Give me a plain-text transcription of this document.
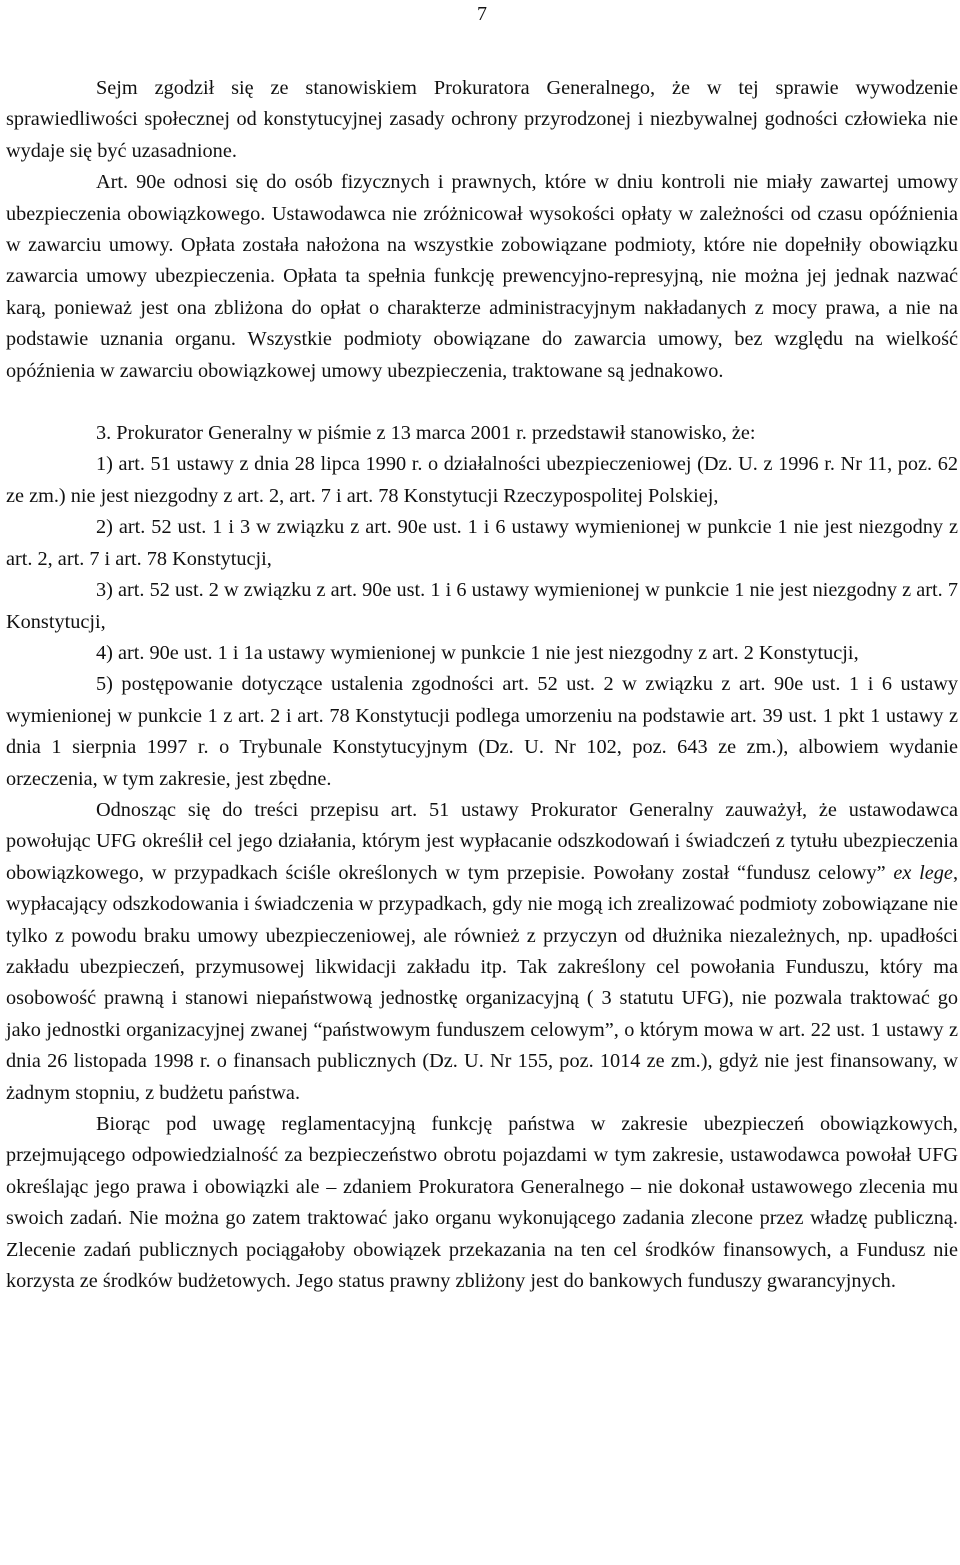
7

Sejm zgodził się ze stanowiskiem Prokuratora Generalnego, że w tej sprawie wywodzenie sprawiedliwości społecznej od konstytucyjnej zasady ochrony przyrodzonej i niezbywalnej godności człowieka nie wydaje się być uzasadnione.

Art. 90e odnosi się do osób fizycznych i prawnych, które w dniu kontroli nie miały zawartej umowy ubezpieczenia obowiązkowego. Ustawodawca nie zróżnicował wysokości opłaty w zależności od czasu opóźnienia w zawarciu umowy. Opłata została nałożona na wszystkie zobowiązane podmioty, które nie dopełniły obowiązku zawarcia umowy ubezpieczenia. Opłata ta spełnia funkcję prewencyjno-represyjną, nie można jej jednak nazwać karą, ponieważ jest ona zbliżona do opłat o charakterze administracyjnym nakładanych z mocy prawa, a nie na podstawie uznania organu. Wszystkie podmioty obowiązane do zawarcia umowy, bez względu na wielkość opóźnienia w zawarciu obowiązkowej umowy ubezpieczenia, traktowane są jednakowo.

3. Prokurator Generalny w piśmie z 13 marca 2001 r. przedstawił stanowisko, że:

1) art. 51 ustawy z dnia 28 lipca 1990 r. o działalności ubezpieczeniowej (Dz. U. z 1996 r. Nr 11, poz. 62 ze zm.) nie jest niezgodny z art. 2, art. 7 i art. 78 Konstytucji Rzeczypospolitej Polskiej,

2) art. 52 ust. 1 i 3 w związku z art. 90e ust. 1 i 6 ustawy wymienionej w punkcie 1 nie jest niezgodny z art. 2, art. 7 i art. 78 Konstytucji,

3) art. 52 ust. 2 w związku z art. 90e ust. 1 i 6 ustawy wymienionej w punkcie 1 nie jest niezgodny z art. 7 Konstytucji,

4) art. 90e ust. 1 i 1a ustawy wymienionej w punkcie 1 nie jest niezgodny z art. 2 Konstytucji,

5) postępowanie dotyczące ustalenia zgodności art. 52 ust. 2 w związku z art. 90e ust. 1 i 6 ustawy wymienionej w punkcie 1 z art. 2 i art. 78 Konstytucji podlega umorzeniu na podstawie art. 39 ust. 1 pkt 1 ustawy z dnia 1 sierpnia 1997 r. o Trybunale Konstytucyjnym (Dz. U. Nr 102, poz. 643 ze zm.), albowiem wydanie orzeczenia, w tym zakresie, jest zbędne.

Odnosząc się do treści przepisu art. 51 ustawy Prokurator Generalny zauważył, że ustawodawca powołując UFG określił cel jego działania, którym jest wypłacanie odszkodowań i świadczeń z tytułu ubezpieczenia obowiązkowego, w przypadkach ściśle określonych w tym przepisie. Powołany został “fundusz celowy” ex lege, wypłacający odszkodowania i świadczenia w przypadkach, gdy nie mogą ich zrealizować podmioty zobowiązane nie tylko z powodu braku umowy ubezpieczeniowej, ale również z przyczyn od dłużnika niezależnych, np. upadłości zakładu ubezpieczeń, przymusowej likwidacji zakładu itp. Tak zakreślony cel powołania Funduszu, który ma osobowość prawną i stanowi niepaństwową jednostkę organizacyjną ( 3 statutu UFG), nie pozwala traktować go jako jednostki organizacyjnej zwanej “państwowym funduszem celowym”, o którym mowa w art. 22 ust. 1 ustawy z dnia 26 listopada 1998 r. o finansach publicznych (Dz. U. Nr 155, poz. 1014 ze zm.), gdyż nie jest finansowany, w żadnym stopniu, z budżetu państwa.

Biorąc pod uwagę reglamentacyjną funkcję państwa w zakresie ubezpieczeń obowiązkowych, przejmującego odpowiedzialność za bezpieczeństwo obrotu pojazdami w tym zakresie, ustawodawca powołał UFG określając jego prawa i obowiązki ale – zdaniem Prokuratora Generalnego – nie dokonał ustawowego zlecenia mu swoich zadań. Nie można go zatem traktować jako organu wykonującego zadania zlecone przez władzę publiczną. Zlecenie zadań publicznych pociągałoby obowiązek przekazania na ten cel środków finansowych, a Fundusz nie korzysta ze środków budżetowych. Jego status prawny zbliżony jest do bankowych funduszy gwarancyjnych.
